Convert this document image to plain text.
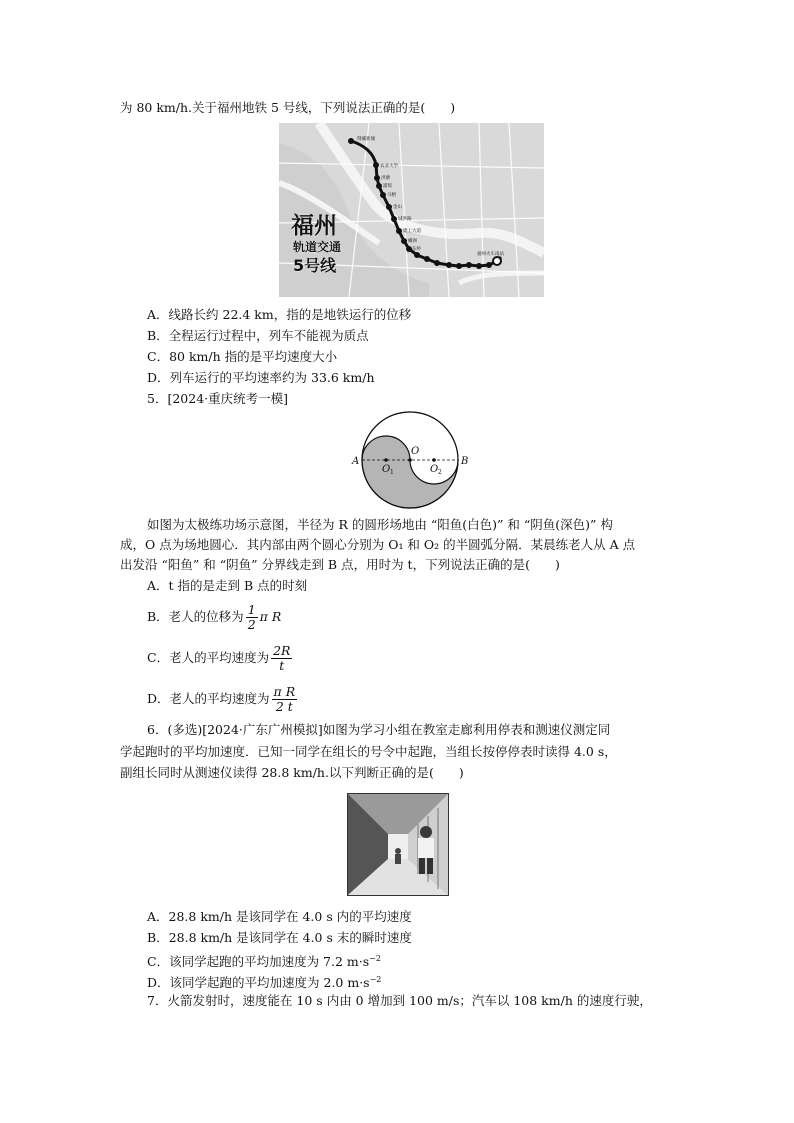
为 80 km/h.关于福州地铁 5 号线，下列说法正确的是(　　)
荆溪新城
农业大学
洪塘
浦坂
马榕
金山
城洪路
建上大道
螺洲
东岭
福州火车南站
福州
轨道交通
5号线
A．线路长约 22.4 km，指的是地铁运行的位移
B．全程运行过程中，列车不能视为质点
C．80 km/h 指的是平均速度大小
D．列车运行的平均速率约为 33.6 km/h
5．[2024·重庆统考一模]
A	B
O
O 1	O 2
如图为太极练功场示意图，半径为 R 的圆形场地由 “阳鱼(白色)” 和 “阴鱼(深色)” 构
成，O 点为场地圆心．其内部由两个圆心分别为 O₁ 和 O₂ 的半圆弧分隔．某晨练老人从 A 点
出发沿 “阳鱼” 和 “阴鱼” 分界线走到 B 点，用时为 t，下列说法正确的是(　　)
A．t 指的是走到 B 点的时刻
B．老人的位移为 $\frac{1}{2}$ π R
C．老人的平均速度为 $\frac{2R}{t}$
D．老人的平均速度为 $\frac{\text{π R}}{2 t}$
6．(多选)[2024·广东广州模拟]如图为学习小组在教室走廊利用停表和测速仪测定同
学起跑时的平均加速度．已知一同学在组长的号令中起跑，当组长按停停表时读得 4.0 s，
副组长同时从测速仪读得 28.8 km/h.以下判断正确的是(　　)
A．28.8 km/h 是该同学在 4.0 s 内的平均速度
B．28.8 km/h 是该同学在 4.0 s 末的瞬时速度
C．该同学起跑的平均加速度为 7.2 $m\cdot s^{-2}$
D．该同学起跑的平均加速度为 2.0 $m\cdot s^{-2}$
7．火箭发射时，速度能在 10 s 内由 0 增加到 100 m/s；汽车以 108 km/h 的速度行驶，
